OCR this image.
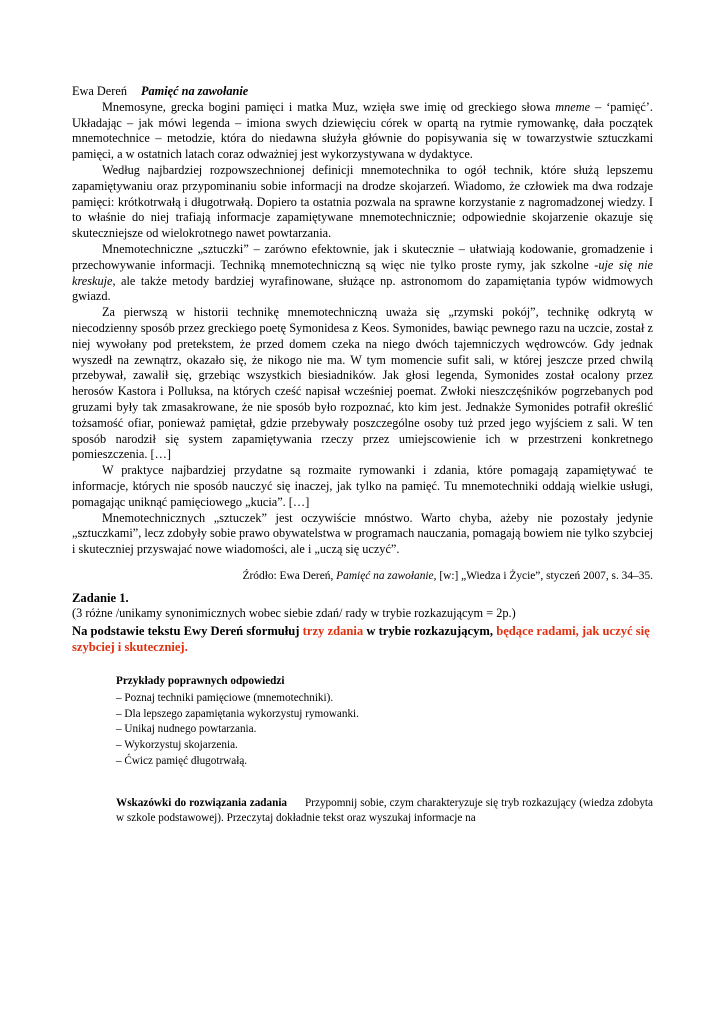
Ewa Dereń Pamięć na zawołanie

Mnemosyne, grecka bogini pamięci i matka Muz, wzięła swe imię od greckiego słowa mneme – ‘pamięć’. Układając – jak mówi legenda – imiona swych dziewięciu córek w opartą na rytmie rymowankę, dała początek mnemotechnice – metodzie, która do niedawna służyła głównie do popisywania się w towarzystwie sztuczkami pamięci, a w ostatnich latach coraz odważniej jest wykorzystywana w dydaktyce.

Według najbardziej rozpowszechnionej definicji mnemotechnika to ogół technik, które służą lepszemu zapamiętywaniu oraz przypominaniu sobie informacji na drodze skojarzeń. Wiadomo, że człowiek ma dwa rodzaje pamięci: krótkotrwałą i długotrwałą. Dopiero ta ostatnia pozwala na sprawne korzystanie z nagromadzonej wiedzy. I to właśnie do niej trafiają informacje zapamiętywane mnemotechnicznie; odpowiednie skojarzenie okazuje się skuteczniejsze od wielokrotnego nawet powtarzania.

Mnemotechniczne „sztuczki” – zarówno efektownie, jak i skutecznie – ułatwiają kodowanie, gromadzenie i przechowywanie informacji. Techniką mnemotechniczną są więc nie tylko proste rymy, jak szkolne -uje się nie kreskuje, ale także metody bardziej wyrafinowane, służące np. astronomom do zapamiętania typów widmowych gwiazd.

Za pierwszą w historii technikę mnemotechniczną uważa się „rzymski pokój”, technikę odkrytą w niecodzienny sposób przez greckiego poetę Symonidesa z Keos. Symonides, bawiąc pewnego razu na uczcie, został z niej wywołany pod pretekstem, że przed domem czeka na niego dwóch tajemniczych wędrowców. Gdy jednak wyszedł na zewnątrz, okazało się, że nikogo nie ma. W tym momencie sufit sali, w której jeszcze przed chwilą przebywał, zawalił się, grzebiąc wszystkich biesiadników. Jak głosi legenda, Symonides został ocalony przez herosów Kastora i Polluksa, na których cześć napisał wcześniej poemat. Zwłoki nieszczęśników pogrzebanych pod gruzami były tak zmasakrowane, że nie sposób było rozpoznać, kto kim jest. Jednakże Symonides potrafił określić tożsamość ofiar, ponieważ pamiętał, gdzie przebywały poszczególne osoby tuż przed jego wyjściem z sali. W ten sposób narodził się system zapamiętywania rzeczy przez umiejscowienie ich w przestrzeni konkretnego pomieszczenia. […]

W praktyce najbardziej przydatne są rozmaite rymowanki i zdania, które pomagają zapamiętywać te informacje, których nie sposób nauczyć się inaczej, jak tylko na pamięć. Tu mnemotechniki oddają wielkie usługi, pomagając uniknąć pamięciowego „kucia”. […]

Mnemotechnicznych „sztuczek” jest oczywiście mnóstwo. Warto chyba, ażeby nie pozostały jedynie „sztuczkami”, lecz zdobyły sobie prawo obywatelstwa w programach nauczania, pomagają bowiem nie tylko szybciej i skuteczniej przyswajać nowe wiadomości, ale i „uczą się uczyć”.

Źródło: Ewa Dereń, Pamięć na zawołanie, [w:] „Wiedza i Życie”, styczeń 2007, s. 34–35.

Zadanie 1.

(3 różne /unikamy synonimicznych wobec siebie zdań/ rady w trybie rozkazującym = 2p.)

Na podstawie tekstu Ewy Dereń sformułuj trzy zdania w trybie rozkazującym, będące radami, jak uczyć się szybciej i skuteczniej.

Przykłady poprawnych odpowiedzi
– Poznaj techniki pamięciowe (mnemotechniki).
– Dla lepszego zapamiętania wykorzystuj rymowanki.
– Unikaj nudnego powtarzania.
– Wykorzystuj skojarzenia.
– Ćwicz pamięć długotrwałą.
Wskazówki do rozwiązania zadania Przypomnij sobie, czym charakteryzuje się tryb rozkazujący (wiedza zdobyta w szkole podstawowej). Przeczytaj dokładnie tekst oraz wyszukaj informacje na
